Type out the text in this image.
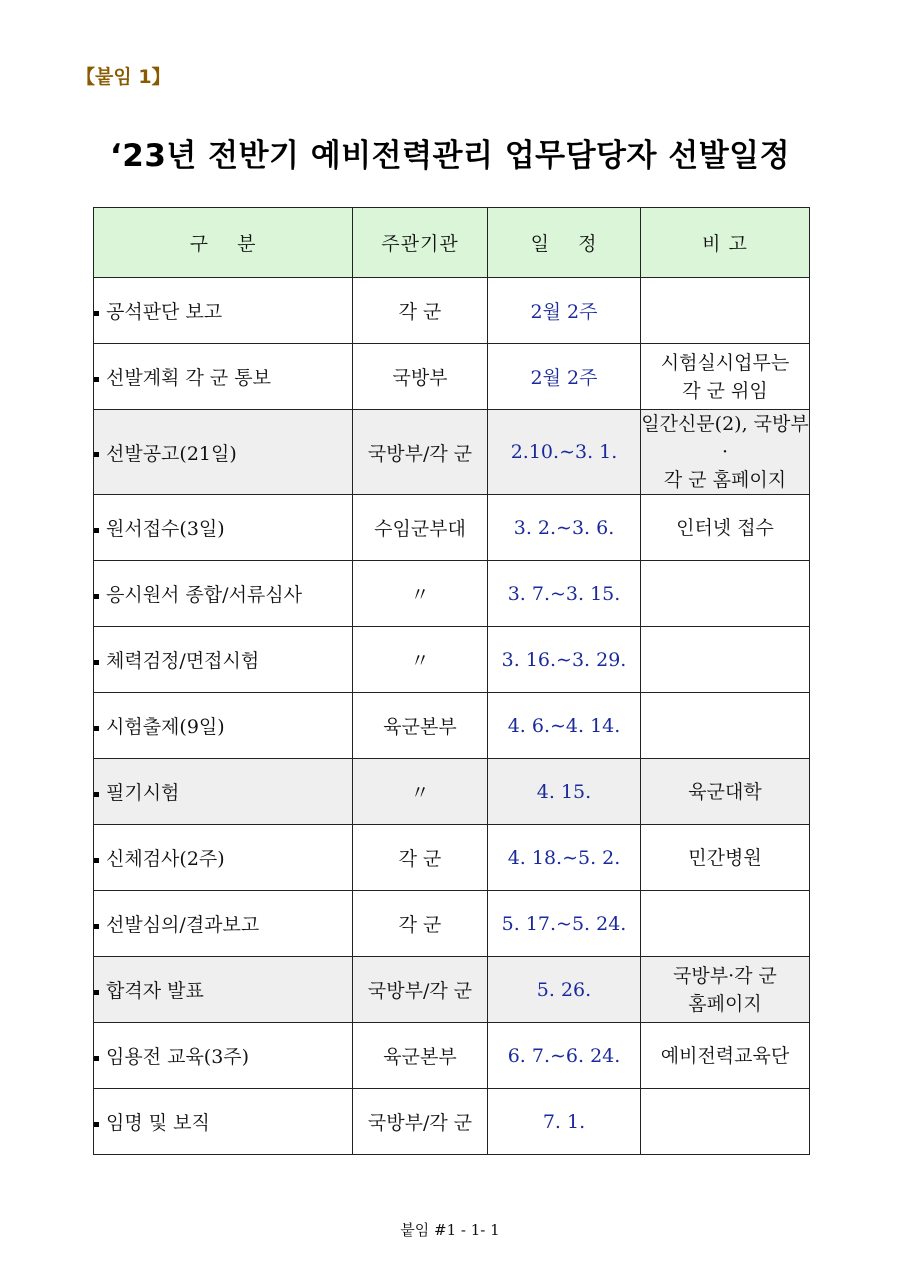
【붙임 1】
‘23년 전반기 예비전력관리 업무담당자 선발일정
구    분	주관기관	일    정	비 고
공석판단 보고	각 군	2월 2주	
선발계획 각 군 통보	국방부	2월 2주	시험실시업무는
각 군 위임
선발공고(21일)	국방부/각 군	2.10.∼3. 1.	일간신문(2), 국방부·
각 군 홈페이지
원서접수(3일)	수임군부대	3. 2.∼3. 6.	인터넷 접수
응시원서 종합/서류심사	〃	3. 7.~3. 15.	
체력검정/면접시험	〃	3. 16.∼3. 29.	
시험출제(9일)	육군본부	4. 6.∼4. 14.	
필기시험	〃	4. 15.	육군대학
신체검사(2주)	각 군	4. 18.∼5. 2.	민간병원
선발심의/결과보고	각 군	5. 17.~5. 24.	
합격자 발표	국방부/각 군	5. 26.	국방부·각 군
홈페이지
임용전 교육(3주)	육군본부	6. 7.∼6. 24.	예비전력교육단
임명 및 보직	국방부/각 군	7. 1.	
붙임 #1 - 1- 1
